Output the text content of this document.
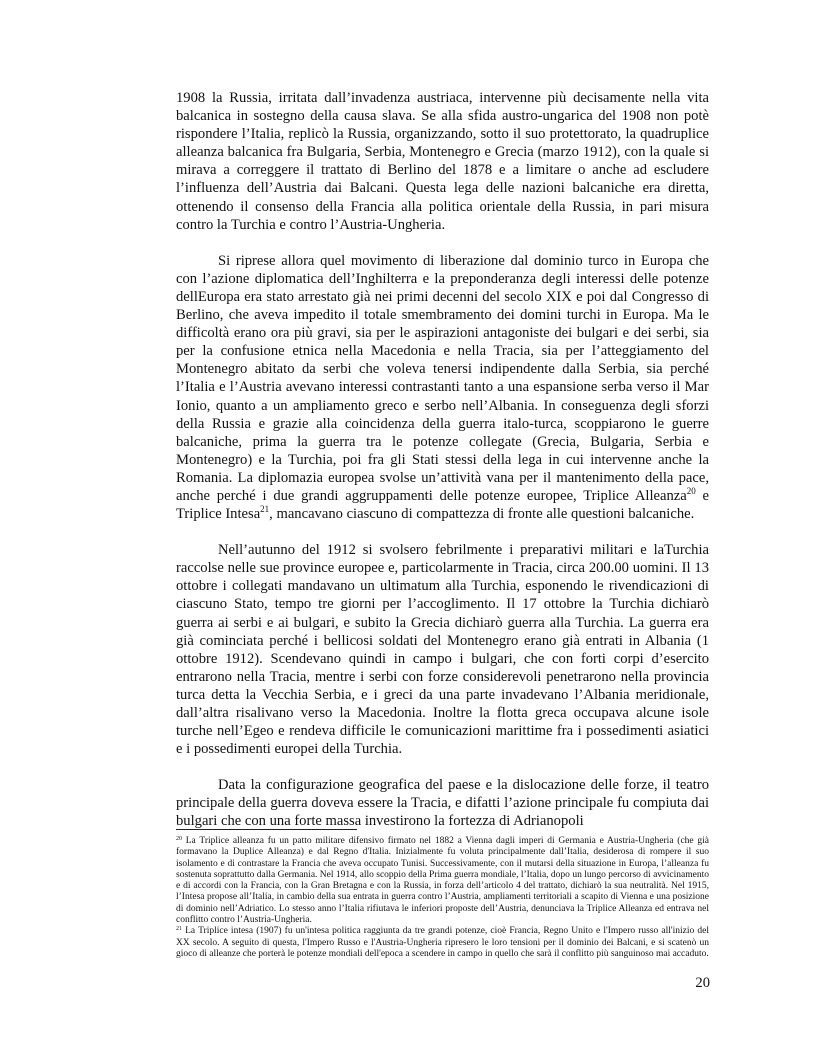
1908 la Russia, irritata dall’invadenza austriaca, intervenne più decisamente nella vita balcanica in sostegno della causa slava. Se alla sfida austro-ungarica del 1908 non potè rispondere l’Italia, replicò la Russia, organizzando, sotto il suo protettorato, la quadruplice alleanza balcanica fra Bulgaria, Serbia, Montenegro e Grecia (marzo 1912), con la quale si mirava a correggere il trattato di Berlino del 1878 e a limitare o anche ad escludere l’influenza dell’Austria dai Balcani. Questa lega delle nazioni balcaniche era diretta, ottenendo il consenso della Francia alla politica orientale della Russia, in pari misura contro la Turchia e contro l’Austria-Ungheria.

Si riprese allora quel movimento di liberazione dal dominio turco in Europa che con l’azione diplomatica dell’Inghilterra e la preponderanza degli interessi delle potenze dellEuropa era stato arrestato già nei primi decenni del secolo XIX e poi dal Congresso di Berlino, che aveva impedito il totale smembramento dei domini turchi in Europa. Ma le difficoltà erano ora più gravi, sia per le aspirazioni antagoniste dei bulgari e dei serbi, sia per la confusione etnica nella Macedonia e nella Tracia, sia per l’atteggiamento del Montenegro abitato da serbi che voleva tenersi indipendente dalla Serbia, sia perché l’Italia e l’Austria avevano interessi contrastanti tanto a una espansione serba verso il Mar Ionio, quanto a un ampliamento greco e serbo nell’Albania. In conseguenza degli sforzi della Russia e grazie alla coincidenza della guerra italo-turca, scoppiarono le guerre balcaniche, prima la guerra tra le potenze collegate (Grecia, Bulgaria, Serbia e Montenegro) e la Turchia, poi fra gli Stati stessi della lega in cui intervenne anche la Romania. La diplomazia europea svolse un’attività vana per il mantenimento della pace, anche perché i due grandi aggruppamenti delle potenze europee, Triplice Alleanza$^{20}$ e Triplice Intesa$^{21}$, mancavano ciascuno di compattezza di fronte alle questioni balcaniche.

Nell’autunno del 1912 si svolsero febrilmente i preparativi militari e laTurchia raccolse nelle sue province europee e, particolarmente in Tracia, circa 200.00 uomini. Il 13 ottobre i collegati mandavano un ultimatum alla Turchia, esponendo le rivendicazioni di ciascuno Stato, tempo tre giorni per l’accoglimento. Il 17 ottobre la Turchia dichiarò guerra ai serbi e ai bulgari, e subito la Grecia dichiarò guerra alla Turchia. La guerra era già cominciata perché i bellicosi soldati del Montenegro erano già entrati in Albania (1 ottobre 1912). Scendevano quindi in campo i bulgari, che con forti corpi d’esercito entrarono nella Tracia, mentre i serbi con forze considerevoli penetrarono nella provincia turca detta la Vecchia Serbia, e i greci da una parte invadevano l’Albania meridionale, dall’altra risalivano verso la Macedonia. Inoltre la flotta greca occupava alcune isole turche nell’Egeo e rendeva difficile le comunicazioni marittime fra i possedimenti asiatici e i possedimenti europei della Turchia.

Data la configurazione geografica del paese e la dislocazione delle forze, il teatro principale della guerra doveva essere la Tracia, e difatti l’azione principale fu compiuta dai bulgari che con una forte massa investirono la fortezza di Adrianopoli

$^{20}$ La Triplice alleanza fu un patto militare difensivo firmato nel 1882 a Vienna dagli imperi di Germania e Austria-Ungheria (che già formavano la Duplice Alleanza) e dal Regno d'Italia. Inizialmente fu voluta principalmente dall’Italia, desiderosa di rompere il suo isolamento e di contrastare la Francia che aveva occupato Tunisi. Successivamente, con il mutarsi della situazione in Europa, l’alleanza fu sostenuta soprattutto dalla Germania. Nel 1914, allo scoppio della Prima guerra mondiale, l’Italia, dopo un lungo percorso di avvicinamento e di accordi con la Francia, con la Gran Bretagna e con la Russia, in forza dell’articolo 4 del trattato, dichiarò la sua neutralità. Nel 1915, l’Intesa propose all’Italia, in cambio della sua entrata in guerra contro l’Austria, ampliamenti territoriali a scapito di Vienna e una posizione di dominio nell’Adriatico. Lo stesso anno l’Italia rifiutava le inferiori proposte dell’Austria, denunciava la Triplice Alleanza ed entrava nel conflitto contro l’Austria-Ungheria.

$^{21}$ La Triplice intesa (1907) fu un'intesa politica raggiunta da tre grandi potenze, cioè Francia, Regno Unito e l'Impero russo all'inizio del XX secolo. A seguito di questa, l'Impero Russo e l'Austria-Ungheria ripresero le loro tensioni per il dominio dei Balcani, e si scatenò un gioco di alleanze che porterà le potenze mondiali dell'epoca a scendere in campo in quello che sarà il conflitto più sanguinoso mai accaduto.

20
